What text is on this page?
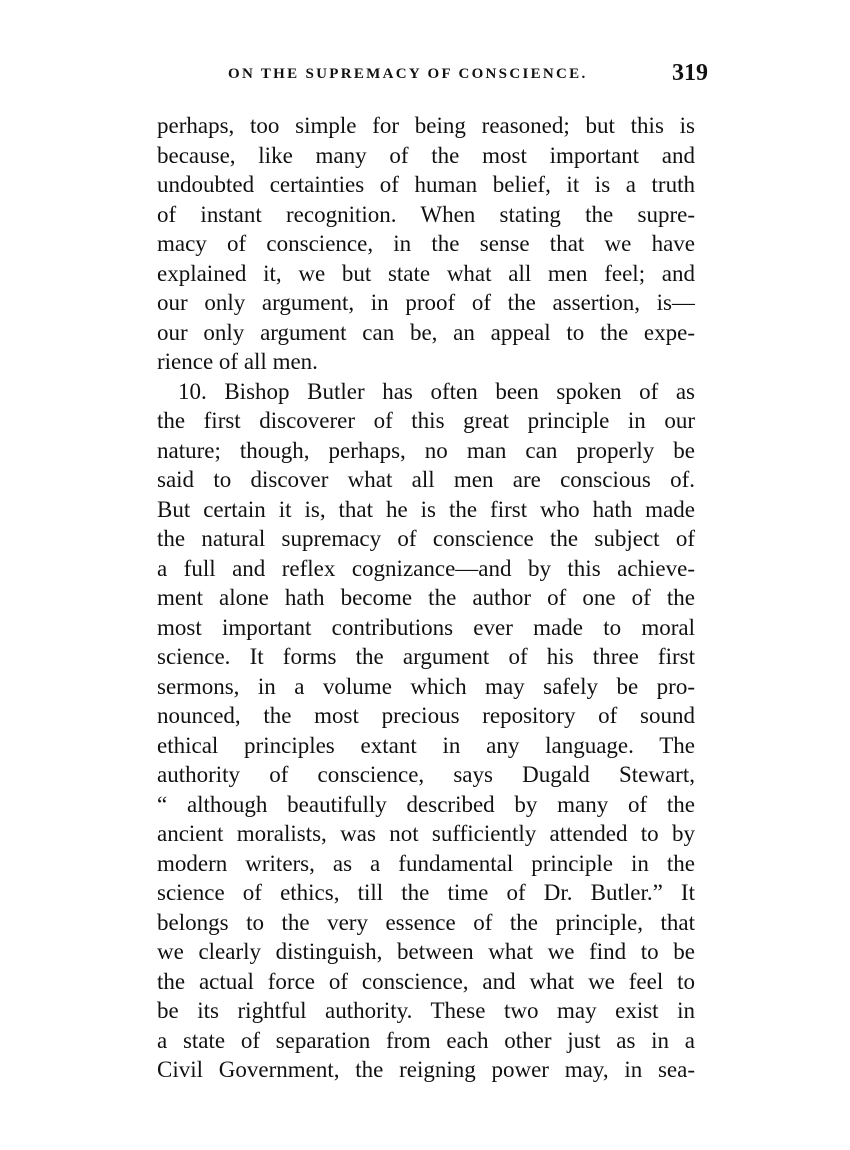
ON THE SUPREMACY OF CONSCIENCE.	319
perhaps, too simple for being reasoned; but this is
because, like many of the most important and
undoubted certainties of human belief, it is a truth
of instant recognition. When stating the supre-
macy of conscience, in the sense that we have
explained it, we but state what all men feel; and
our only argument, in proof of the assertion, is—
our only argument can be, an appeal to the expe-
rience of all men.
10. Bishop Butler has often been spoken of as
the first discoverer of this great principle in our
nature; though, perhaps, no man can properly be
said to discover what all men are conscious of.
But certain it is, that he is the first who hath made
the natural supremacy of conscience the subject of
a full and reflex cognizance—and by this achieve-
ment alone hath become the author of one of the
most important contributions ever made to moral
science. It forms the argument of his three first
sermons, in a volume which may safely be pro-
nounced, the most precious repository of sound
ethical principles extant in any language. The
authority of conscience, says Dugald Stewart,
“ although beautifully described by many of the
ancient moralists, was not sufficiently attended to by
modern writers, as a fundamental principle in the
science of ethics, till the time of Dr. Butler.” It
belongs to the very essence of the principle, that
we clearly distinguish, between what we find to be
the actual force of conscience, and what we feel to
be its rightful authority. These two may exist in
a state of separation from each other just as in a
Civil Government, the reigning power may, in sea-
